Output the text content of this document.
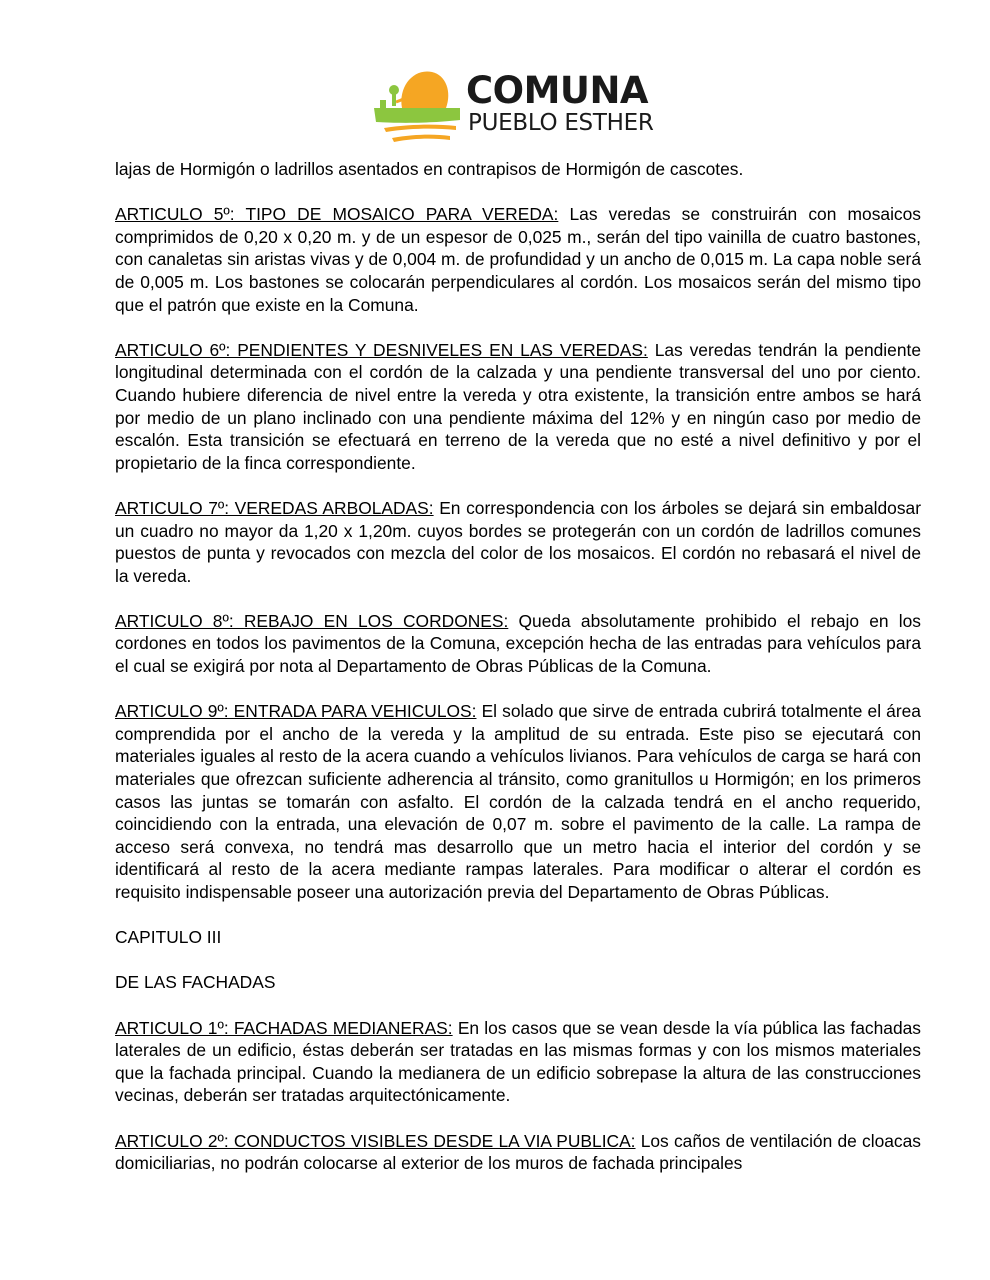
COMUNA
PUEBLO ESTHER

lajas de Hormigón o ladrillos asentados en contrapisos de Hormigón de cascotes.

ARTICULO 5º: TIPO DE MOSAICO PARA VEREDA: Las veredas se construirán con mosaicos comprimidos de 0,20 x 0,20 m. y de un espesor de 0,025 m., serán del tipo vainilla de cuatro bastones, con canaletas sin aristas vivas y de 0,004 m. de profundidad y un ancho de 0,015 m. La capa noble será de 0,005 m. Los bastones se colocarán perpendiculares al cordón. Los mosaicos serán del mismo tipo que el patrón que existe en la Comuna.

ARTICULO 6º: PENDIENTES Y DESNIVELES EN LAS VEREDAS: Las veredas tendrán la pendiente longitudinal determinada con el cordón de la calzada y una pendiente transversal del uno por ciento. Cuando hubiere diferencia de nivel entre la vereda y otra existente, la transición entre ambos se hará por medio de un plano inclinado con una pendiente máxima del 12% y en ningún caso por medio de escalón. Esta transición se efectuará en terreno de la vereda que no esté a nivel definitivo y por el propietario de la finca correspondiente.

ARTICULO 7º: VEREDAS ARBOLADAS: En correspondencia con los árboles se dejará sin embaldosar un cuadro no mayor da 1,20 x 1,20m. cuyos bordes se protegerán con un cordón de ladrillos comunes puestos de punta y revocados con mezcla del color de los mosaicos. El cordón no rebasará el nivel de la vereda.

ARTICULO 8º: REBAJO EN LOS CORDONES: Queda absolutamente prohibido el rebajo en los cordones en todos los pavimentos de la Comuna, excepción hecha de las entradas para vehículos para el cual se exigirá por nota al Departamento de Obras Públicas de la Comuna.

ARTICULO 9º: ENTRADA PARA VEHICULOS: El solado que sirve de entrada cubrirá totalmente el área comprendida por el ancho de la vereda y la amplitud de su entrada. Este piso se ejecutará con materiales iguales al resto de la acera cuando a vehículos livianos. Para vehículos de carga se hará con materiales que ofrezcan suficiente adherencia al tránsito, como granitullos u Hormigón; en los primeros casos las juntas se tomarán con asfalto. El cordón de la calzada tendrá en el ancho requerido, coincidiendo con la entrada, una elevación de 0,07 m. sobre el pavimento de la calle. La rampa de acceso será convexa, no tendrá mas desarrollo que un metro hacia el interior del cordón y se identificará al resto de la acera mediante rampas laterales. Para modificar o alterar el cordón es requisito indispensable poseer una autorización previa del Departamento de Obras Públicas.

CAPITULO III

DE LAS FACHADAS

ARTICULO 1º: FACHADAS MEDIANERAS: En los casos que se vean desde la vía pública las fachadas laterales de un edificio, éstas deberán ser tratadas en las mismas formas y con los mismos materiales que la fachada principal. Cuando la medianera de un edificio sobrepase la altura de las construcciones vecinas, deberán ser tratadas arquitectónicamente.

ARTICULO 2º: CONDUCTOS VISIBLES DESDE LA VIA PUBLICA: Los caños de ventilación de cloacas domiciliarias, no podrán colocarse al exterior de los muros de fachada principales
